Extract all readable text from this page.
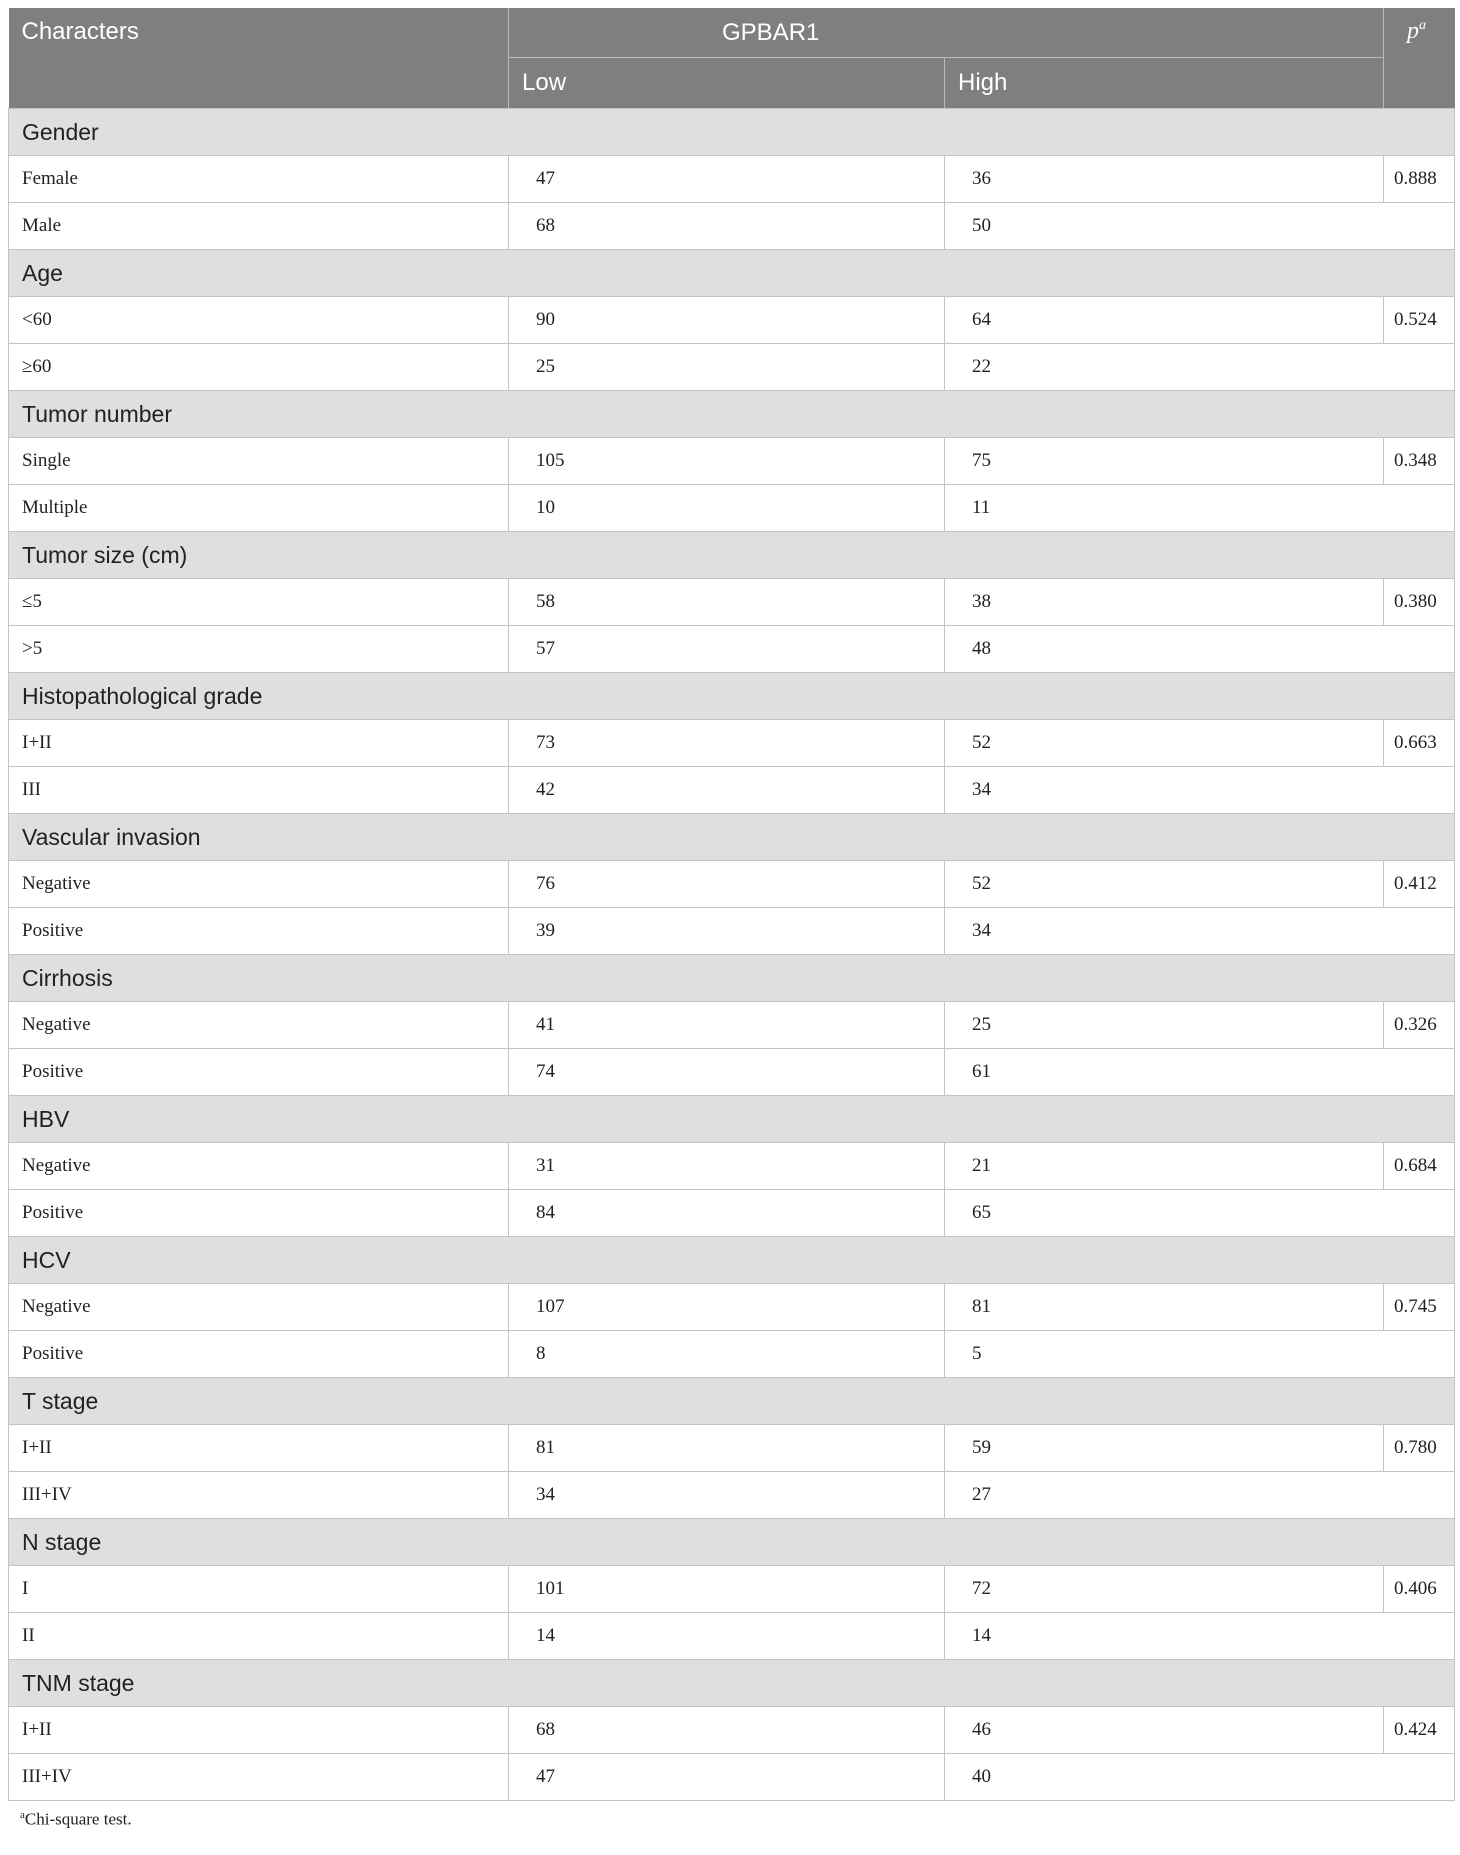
Characters	GPBAR1		$p^a$
	Low	High	
Gender			
Female	47	36	0.888
Male	68	50	
Age			
<60	90	64	0.524
≥60	25	22	
Tumor number			
Single	105	75	0.348
Multiple	10	11	
Tumor size (cm)			
≤5	58	38	0.380
>5	57	48	
Histopathological grade			
I+II	73	52	0.663
III	42	34	
Vascular invasion			
Negative	76	52	0.412
Positive	39	34	
Cirrhosis			
Negative	41	25	0.326
Positive	74	61	
HBV			
Negative	31	21	0.684
Positive	84	65	
HCV			
Negative	107	81	0.745
Positive	8	5	
T stage			
I+II	81	59	0.780
III+IV	34	27	
N stage			
I	101	72	0.406
II	14	14	
TNM stage			
I+II	68	46	0.424
III+IV	47	40	
$^a$Chi-square test.
